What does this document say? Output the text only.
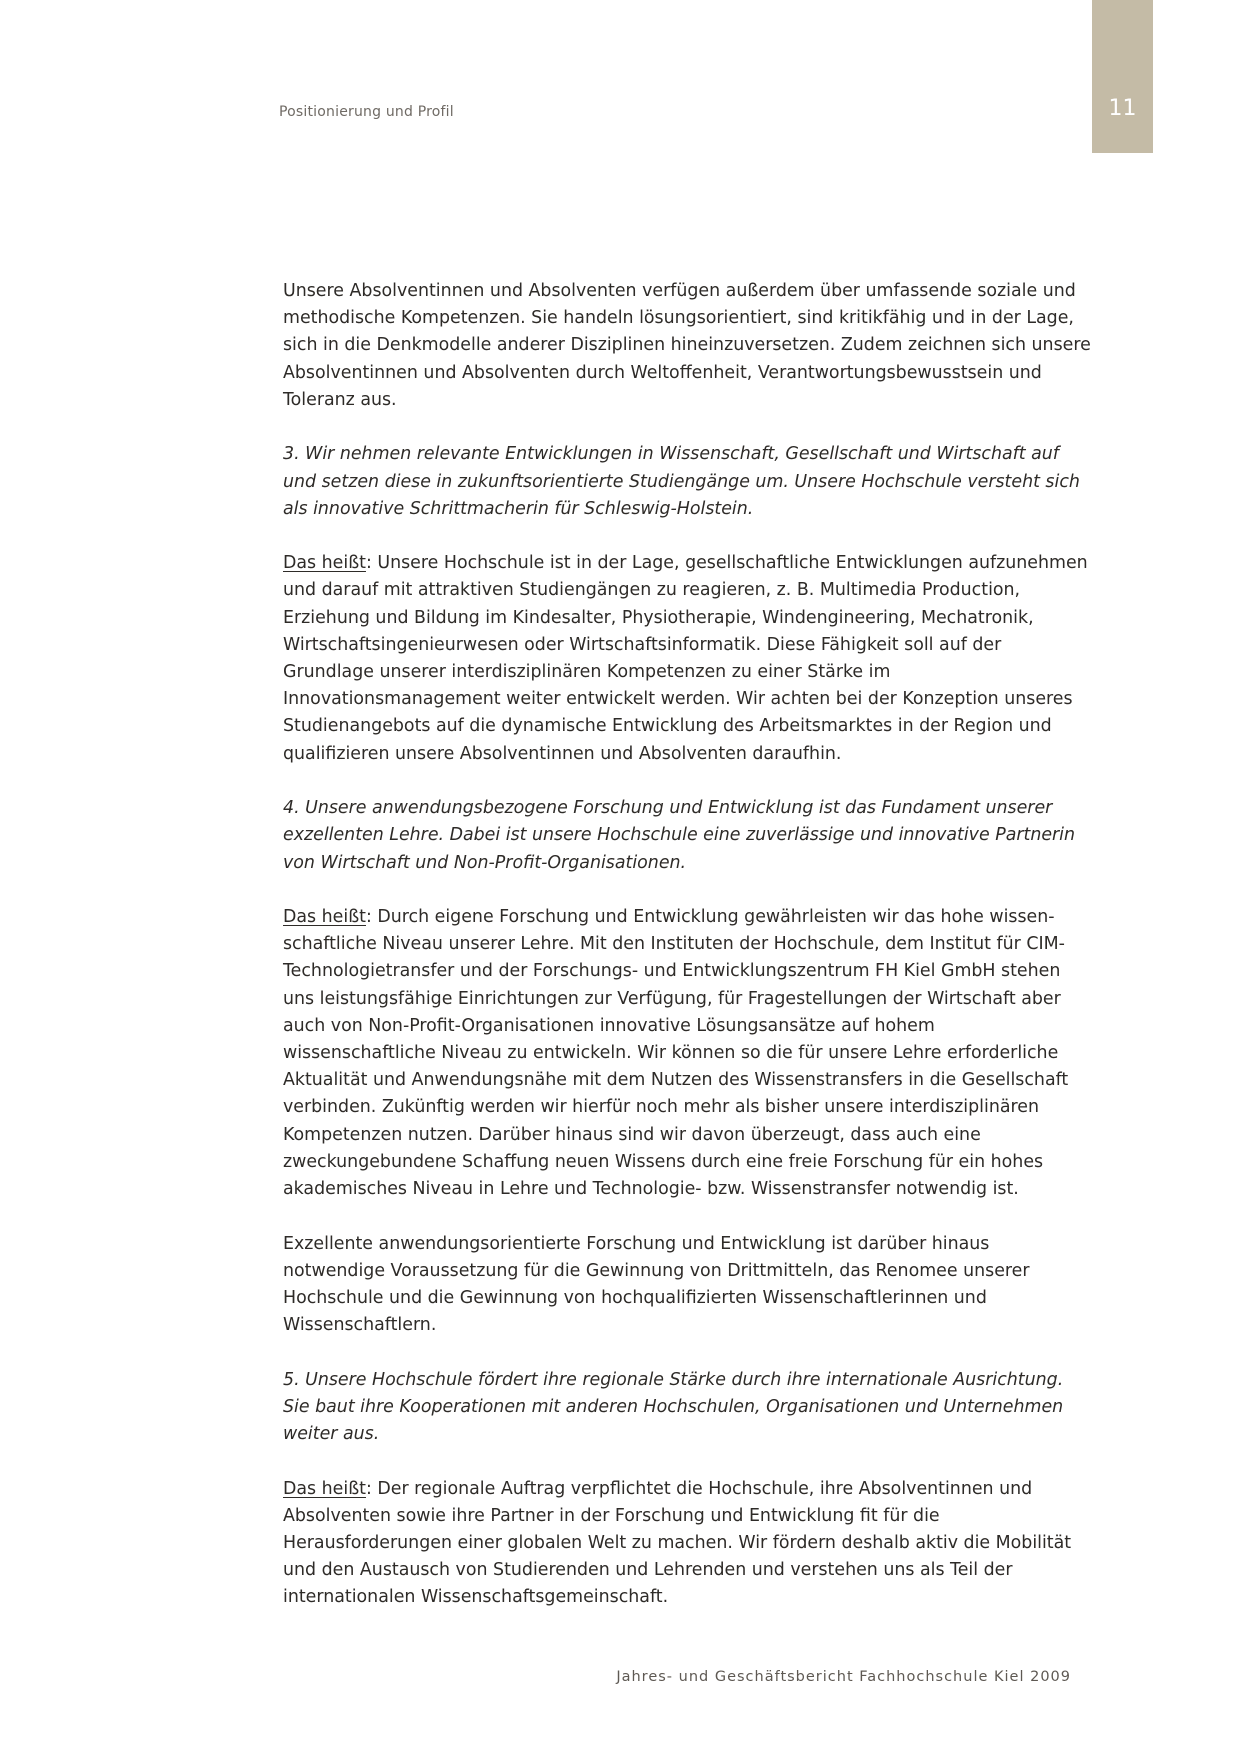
Positionierung und Profil	11

Unsere Absolventinnen und Absolventen verfügen außerdem über umfassende soziale und methodische Kompetenzen. Sie handeln lösungsorientiert, sind kritikfähig und in der Lage, sich in die Denkmodelle anderer Disziplinen hineinzuversetzen. Zudem zeichnen sich unsere Absolventinnen und Absolventen durch Weltoffenheit, Verantwortungsbewusstsein und Toleranz aus.

3. Wir nehmen relevante Entwicklungen in Wissenschaft, Gesellschaft und Wirtschaft auf und setzen diese in zukunftsorientierte Studiengänge um. Unsere Hochschule versteht sich als innovative Schrittmacherin für Schleswig-Holstein.

Das heißt: Unsere Hochschule ist in der Lage, gesellschaftliche Entwicklungen aufzunehmen und darauf mit attraktiven Studiengängen zu reagieren, z. B. Multimedia Production, Erziehung und Bildung im Kindesalter, Physiotherapie, Windengineering, Mechatronik, Wirtschaftsingenieurwesen oder Wirtschaftsinformatik. Diese Fähigkeit soll auf der Grundlage unserer interdisziplinären Kompetenzen zu einer Stärke im Innovationsmanagement weiter entwickelt werden. Wir achten bei der Konzeption unseres Studienangebots auf die dynamische Entwicklung des Arbeitsmarktes in der Region und qualifizieren unsere Absolventinnen und Absolventen daraufhin.

4. Unsere anwendungsbezogene Forschung und Entwicklung ist das Fundament unserer exzellenten Lehre. Dabei ist unsere Hochschule eine zuverlässige und innovative Partnerin von Wirtschaft und Non-Profit-Organisationen.

Das heißt: Durch eigene Forschung und Entwicklung gewährleisten wir das hohe wissenschaftliche Niveau unserer Lehre. Mit den Instituten der Hochschule, dem Institut für CIM-Technologietransfer und der Forschungs- und Entwicklungszentrum FH Kiel GmbH stehen uns leistungsfähige Einrichtungen zur Verfügung, für Fragestellungen der Wirtschaft aber auch von Non-Profit-Organisationen innovative Lösungsansätze auf hohem wissenschaftliche Niveau zu entwickeln. Wir können so die für unsere Lehre erforderliche Aktualität und Anwendungsnähe mit dem Nutzen des Wissenstransfers in die Gesellschaft verbinden. Zukünftig werden wir hierfür noch mehr als bisher unsere interdisziplinären Kompetenzen nutzen. Darüber hinaus sind wir davon überzeugt, dass auch eine zweckungebundene Schaffung neuen Wissens durch eine freie Forschung für ein hohes akademisches Niveau in Lehre und Technologie- bzw. Wissenstransfer notwendig ist.

Exzellente anwendungsorientierte Forschung und Entwicklung ist darüber hinaus notwendige Voraussetzung für die Gewinnung von Drittmitteln, das Renomee unserer Hochschule und die Gewinnung von hochqualifizierten Wissenschaftlerinnen und Wissenschaftlern.

5. Unsere Hochschule fördert ihre regionale Stärke durch ihre internationale Ausrichtung. Sie baut ihre Kooperationen mit anderen Hochschulen, Organisationen und Unternehmen weiter aus.

Das heißt: Der regionale Auftrag verpflichtet die Hochschule, ihre Absolventinnen und Absolventen sowie ihre Partner in der Forschung und Entwicklung fit für die Herausforderungen einer globalen Welt zu machen. Wir fördern deshalb aktiv die Mobilität und den Austausch von Studierenden und Lehrenden und verstehen uns als Teil der internationalen Wissenschaftsgemeinschaft.

Jahres- und Geschäftsbericht Fachhochschule Kiel 2009
